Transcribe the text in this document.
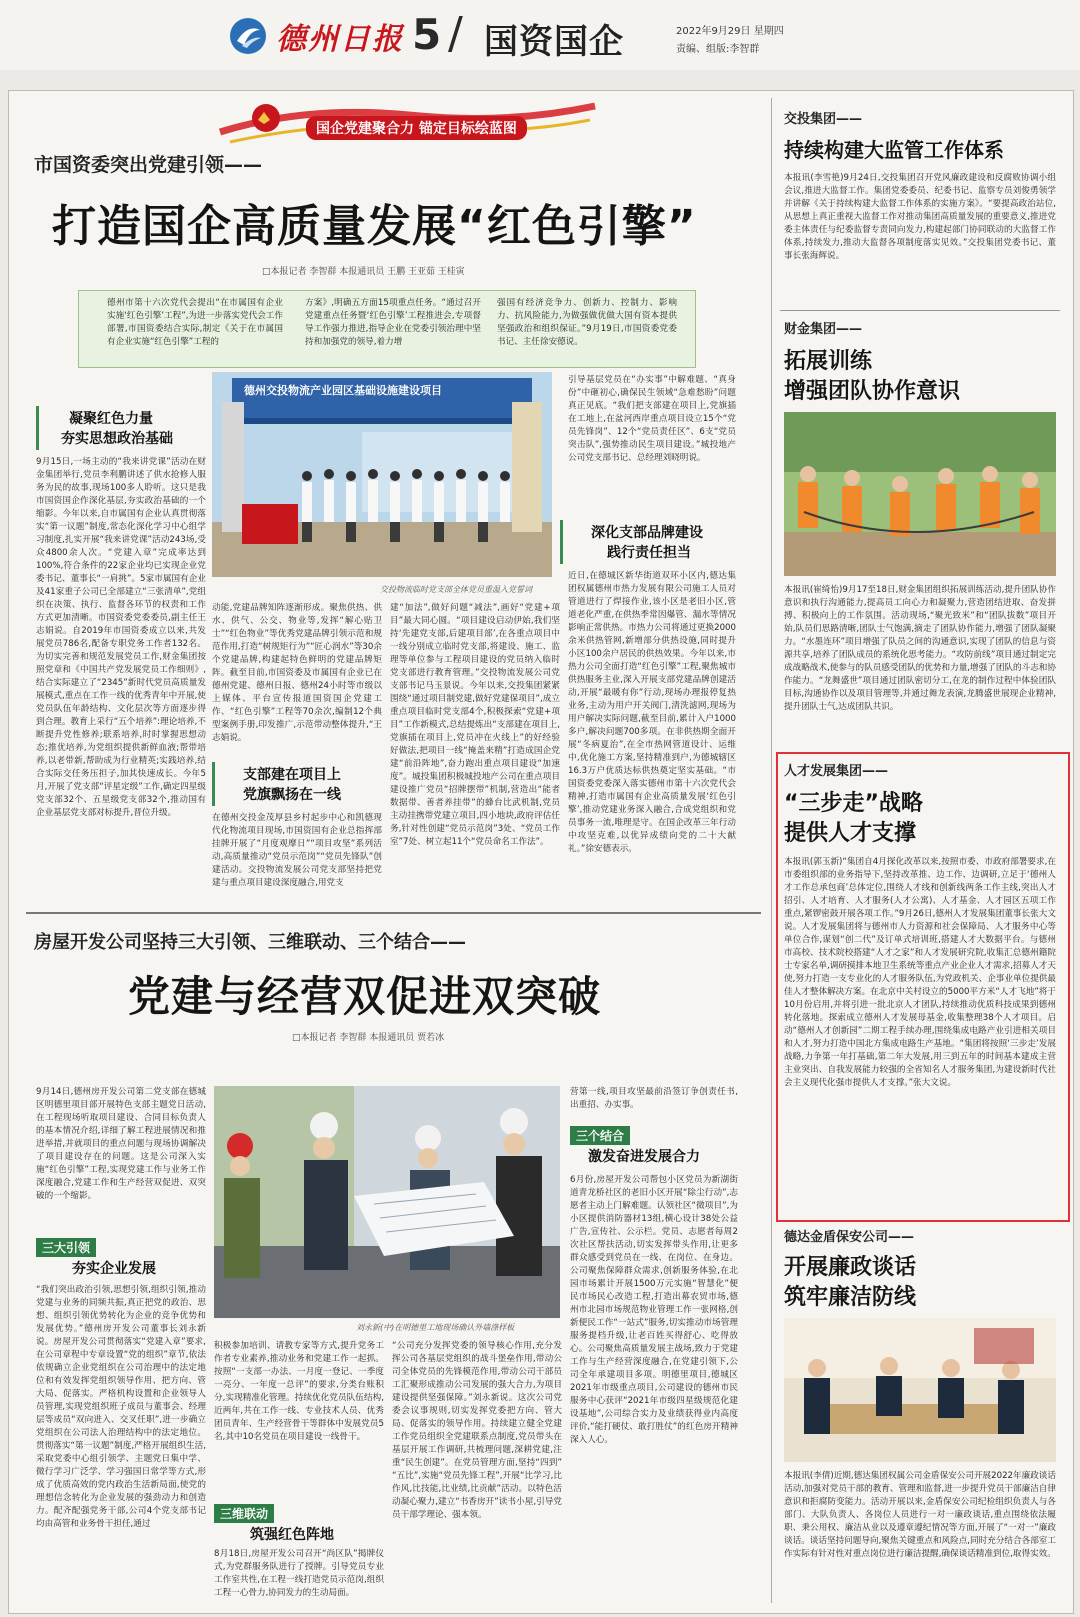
德州日报 5 / 国资国企	2022年9月29日 星期四
责编、组版:李智群
国企党建聚合力 锚定目标绘蓝图
市国资委突出党建引领——
打造国企高质量发展“红色引擎”
□本报记者 李智群 本报通讯员 王鹏 王亚茹 王桂寅
德州市第十六次党代会提出“在市属国有企业实施‘红色引擎’工程”,为进一步落实党代会工作部署,市国资委结合实际,制定《关于在市属国有企业实施“红色引擎”工程的
方案》,明确五方面15项重点任务。“通过召开党建重点任务暨‘红色引擎’工程推进会,专项督导工作强力推进,指导企业在党委引领治理中坚持和加强党的领导,着力增
强国有经济竞争力、创新力、控制力、影响力、抗风险能力,为做强做优做大国有资本提供坚强政治和组织保证。”9月19日,市国资委党委书记、主任徐安德说。
凝聚红色力量
夯实思想政治基础
9月15日,一场主动的“我来讲党课”活动在财金集团举行,党员李利鹏讲述了供水抢修人服务为民的故事,现场100多人聆听。这只是我市国资国企作深化基层,夯实政治基础的一个缩影。今年以来,自市属国有企业认真贯彻落实“第一议题”制度,常态化深化学习中心组学习制度,扎实开展“我来讲党课”活动243场,受众4800余人次。“党建入章”完成率达到100%,符合条件的22家企业均已实现企业党委书记、董事长“一肩挑”。5家市属国有企业及41家重子公司已全部建立“三张清单”,党组织在决策、执行、监督各环节的权责和工作方式更加清晰。市国资委党委委员,副主任王志娟说。自2019年市国资委成立以来,共发展党员786名,配备专职党务工作者132名。为切实完善和规范发展党员工作,财金集团按照党章和《中国共产党发展党员工作细则》,结合实际建立了“2345”新时代党员高质量发展模式,重点在工作一线的优秀青年中开展,使党员队伍年龄结构、文化层次等方面逐步得到合理。教育上采行“五个培养”:理论培养,不断提升党性修养;联系培养,时时掌握思想动态;推优培养,为党组织提供新鲜血液;帮带培养,以老带新,帮助成为行业精英;实践培养,结合实际交任务压担子,加其快速成长。今年5月,开展了党支部“评星定级”工作,确定四星级党支部32个、五星级党支部32个,推动国有企业基层党支部对标提升,晋位升级。
德州交投物流产业园区基础设施建设项目
交投物流临时党支部全体党员重温入党誓词
深化支部品牌建设
践行责任担当
引导基层党员在“办实事”中解难题、“真身份”中砸初心,确保民生领域“急难愁盼”问题真正见底。“我们把支部建在项目上,党旗插在工地上,在盆河西岸重点项目设立15个“党员先锋岗”、12个“党员责任区”、6支“党员突击队”,强势推动民生项目建设。”城投地产公司党支部书记、总经理刘晓明说。
近日,在德城区新华街道双环小区内,德达集团权属德州市热力发展有限公司施工人员对管道进行了焊接作业,该小区是老旧小区,管道老化严重,在供热季常因爆管、漏水等情况影响正常供热。市热力公司将通过更换2000余米供热管网,新增部分供热设施,同时提升小区100余户居民的供热效果。今年以来,市热力公司全面打造“红色引擎”工程,聚焦城市供热服务主业,深入开展支部党建品牌创建活动,开展“最暖有你”行动,现场办理报停复热业务,主动为用户开关阀门,清洗滤网,现场为用户解决实际问题,截至目前,累计入户1000多户,解决问题700多项。在非供热期全面开展“冬病夏治”,在全市热网管道设计、运维中,优化施工方案,坚持精准到户,为德城辖区16.3万户优质达标供热奠定坚实基础。“市国资委党委深入落实德州市第十六次党代会精神,打造市属国有企业高质量发展‘红色引擎’,推动党建业务深入融合,合成党组织和党员事务一流,唯理是守。在国企改革三年行动中攻坚克难,以优异成绩向党的二十大献礼。”徐安德表示。
动能,党建品牌知阵逐渐形成。聚焦供热、供水、供气、公交、物业等,发挥“解心贴卫士”“红色物业”等优秀党建品牌引领示范和规范作用,打造“树规矩行为”“匠心润水”等30余个党建品牌,构建起特色鲜明的党建品牌矩阵。截至目前,市国资委及市属国有企业已在德州党建、德州日报、德州24小时等市级以上媒体、平台宣传报道国资国企党建工作、“红色引擎”工程等70余次,编制12个典型案例手册,印发推广,示范带动整体提升,“王志娟说。
支部建在项目上
党旗飘扬在一线
在德州交投金茂厚县乡村起步中心和凯德现代化物流项目现场,市国资国有企业总指挥部挂牌开展了“月度观摩日”“项目攻坚”系列活动,高质量推动“党员示范岗”“党员先锋队”创建活动。交投物流发展公司党支部坚持把党建与重点项目建设深度融合,用党支
建“加法”,做好问题“减法”,画好“党建+项目”最大同心圆。“项目建设启动伊始,我们坚持‘先建党支部,后建项目部’,在各重点项目中一线分别成立临时党支部,将建设、施工、监理等单位参与工程项目建设的党员纳入临时党支部进行教育管理。”交投物流发展公司党支部书记马玉景说。今年以来,交投集团紧紧围绕“通过项目制党建,做好党建保项目”,成立重点项目临时党支部4个,积极探索“党建+项目”工作新模式,总结提炼出“支部建在项目上,党旗插在项目上,党员冲在火线上”的好经验好做法,把项目一线“掩盖来精”打造成国企党建“前沿阵地”,奋力跑出重点项目建设“加速度”。城投集团积极城投地产公司在重点项目建设推广党员“招牌摆带”机制,营造出“能者数据带、善者养挂带”的蜂台比武机制,党员主动挂携带党建立项目,四小地块,政府评估任务,针对性创建“党员示范岗”3处、“党员工作室”7处、树立起11个“党员命名工作法”。
房屋开发公司坚持三大引领、三维联动、三个结合——
党建与经营双促进双突破
□本报记者 李智群 本报通讯员 贾若冰
9月14日,德州房开发公司第二党支部在德城区明德里项目部开展特色支部主题党日活动,在工程现场听取项目建设、合同目标负责人的基本情况介绍,详细了解工程进展情况和推进举措,并就项目的重点问题与现场协调解决了项目建设存在的问题。这是公司深入实施“红色引擎”工程,实现党建工作与业务工作深度融合,党建工作和生产经营双促进、双突破的一个缩影。
三大引领
夯实企业发展
“我们突出政治引领,思想引领,组织引领,推动党建与业务的同频共振,真正把党的政治、思想、组织引领优势转化为企业的竞争优势和发展优势。”德州房开发公司董事长刘永新说。房屋开发公司贯彻落实“党建入章”要求,在公司章程中专章设置“党的组织”章节,依法依规确立企业党组织在公司治理中的法定地位和有效发挥党组织领导作用、把方向、管大局、促落实。严格机构设置和企业领导人员管理,实现党组织班子成员与董事会、经理层等成员“双向进入、交叉任职”,进一步确立党组织在公司法人治理结构中的法定地位。贯彻落实“第一议题”制度,严格开展组织生活,采取党委中心组引领学、主题党日集中学、微行学习广泛学、学习强国日常学等方式,形成了优质高效的党内政治生活新局面,使党的理想信念转化为企业发展的强劲动力和创造力。配齐配强党务干部,公司4个党支部书记均由高管和业务骨干担任,通过
刘永新(中)在明德里工地现场确认外墙涤样板
积极参加培训、请教专家等方式,提升党务工作者专业素养,推动业务和党建工作一起抓。按照“一支部一办法、一月度一登记、一季度一亮分、一年度一总评”的要求,分类台账积分,实现精准化管理。持续优化党员队伍结构,近两年,共在工作一线、专业技术人员、优秀团员青年、生产经营骨干等群体中发展党员5名,其中10名党员在项目建设一线骨干。
三维联动
筑强红色阵地
8月18日,房屋开发公司召开“尚区队”揭牌仪式,为党群服务队进行了授牌。引导党员专业工作室共性,在工程一线打造党员示范岗,组织工程一心骨力,协同发力的生动局面。
“公司充分发挥党委的领导核心作用,充分发挥公司各基层党组织的战斗堡垒作用,带动公司全体党员的先锋模范作用,带动公司干部员工汇聚形成推动公司发展的强大合力,为项目建设提供坚强保障。”刘永新说。这次公司党委会议事规则,切实发挥党委把方向、管大局、促落实的领导作用。持续建立健全党建工作党员组织全党建联系点制度,党员带头在基层开展工作调研,共梳理问题,深耕党建,注重“民生创建”。在党员管理方面,坚持“四到” “五比”,实施“党员先锋工程”,开展“比学习,比作风,比技能,比业绩,比贡献”活动。以特色活动凝心聚力,建立“书香房开”读书小屋,引导党员干部学理论、强本领。
营第一线,项目攻坚最前沿签订争创责任书,出重招、办实事。
三个结合
激发奋进发展合力
6月份,房屋开发公司帮包小区党员为新湖街道青龙桥社区的老旧小区开展“除尘行动”,志愿者主动上门解难题。认领社区“微项目”,为小区提供消防器材13组,横心设计38处公益广告,宣传社、公示栏。党员、志愿者每周2次社区帮扶活动,切实发挥带头作用,让更多群众感受到党员在一线、在岗位、在身边。公司聚焦保障群众需求,创新服务体验,在北园市场累计开展1500万元实施“智慧化”便民市场民心改造工程,打造出幕农贸市场,德州市北园市场规范物业管理工作一张网格,创新便民工作“一站式”服务,切实推动市场管理服务提档升级,让老百姓买得舒心、吃得放心。公司聚焦高质量发展主战场,致力于党建工作与生产经营深度融合,在党建引领下,公司全年承建项目多项。明德里项目,德城区2021年市级重点项目,公司建设的德州市民服务中心获评“2021年市级四星级规范化建设基地”,公司综合实力及业绩获得业内高度评价,“能打硬仗、敢打胜仗”的红色房开精神深入人心。
交投集团——
持续构建大监管工作体系
本报讯(李雪艳)9月24日,交投集团召开党风廉政建设和反腐败协调小组会议,推进大监督工作。集团党委委员、纪委书记、监察专员刘俊勇领学并讲解《关于持续构建大监督工作体系的实施方案》。“要提高政治站位,从思想上真正重视大监督工作对推动集团高质量发展的重要意义,推进党委主体责任与纪委监督专责同向发力,构建起部门协同联动的大监督工作体系,持续发力,推动大监督各项制度落实见效。”交投集团党委书记、董事长张海辉说。
财金集团——
拓展训练
增强团队协作意识
本报讯(崔绮怡)9月17至18日,财金集团组织拓展训练活动,提升团队协作意识和执行沟通能力,提高员工向心力和凝聚力,营造团结进取、奋发拼搏、积极向上的工作氛围。活动现场,“聚光致米”和“团队拔数”项目开始,队员们思路清晰,团队士气饱满,摘走了团队协作能力,增强了团队凝聚力。“水墨连环”项目增强了队员之间的沟通意识,实现了团队的信息与资源共享,培养了团队成员的系统化思考能力。“攻防前线”项目通过制定完成战略战术,使参与的队员感受团队的优势和力量,增强了团队的斗志和协作能力。“龙舞盛世”项目通过团队密切分工,在龙的制作过程中体验团队目标,沟通协作以及项目管理等,并通过舞龙表演,龙腾盛世展现企业精神,提升团队士气,达成团队共识。
人才发展集团——
“三步走”战略
提供人才支撑
本报讯(郭玉新)“集团自4月探化改革以来,按照市委、市政府部署要求,在市委组织部的业务指导下,坚持改革推、边工作、边调研,立足于‘德州人才工作总承包商’总体定位,围绕人才线和创新线两条工作主线,突出人才招引、人才培育、人才服务(人才公寓)、人才基金、人才园区五项工作重点,紧锣密鼓开展各项工作。”9月26日,德州人才发展集团董事长张大文说。人才发展集团将与德州市人力资源和社会保障局、人才服务中心等单位合作,谋划“创二代”及订单式培训班,搭建人才大数据平台。与德州市高校、技术院校搭建“人才之家”和人才发展研究院,收集汇总德州籍院士专家名单,调研摸排本地卫生系统等重点产业企业人才需求,招募人才天使,努力打造一支专业化的人才服务队伍,为党政机关、企事业单位提供最佳人才整体解决方案。在北京中关村设立的5000平方米“人才飞地”将于10月份启用,并将引进一批北京人才团队,持续推动优质科技成果到德州转化落地。探索成立德州人才发展母基金,收集整理38个人才项目。启动“德州人才创新园”二期工程手续办理,围绕集成电路产业引进相关项目和人才,努力打造中国北方集成电路生产基地。“集团将按照‘三步走’发展战略,力争第一年打基础,第二年大发展,用三到五年的时间基本建成主营主业突出、自我发展能力较强的全省知名人才服务集团,为建设新时代社会主义现代化强市提供人才支撑。”张大文说。
德达金盾保安公司——
开展廉政谈话
筑牢廉洁防线
本报讯(李倩)近期,德达集团权属公司金盾保安公司开展2022年廉政谈话活动,加强对党员干部的教育、管理和监督,进一步提升党员干部廉洁自律意识和拒腐防变能力。活动开展以来,金盾保安公司纪检组织负责人与各部门、大队负责人、各岗位人员进行一对一廉政谈话,重点围绕依法履职、秉公用权、廉洁从业以及遵章遵纪情况等方面,开展了“一对一”廉政谈话。谈话坚持问题导向,聚焦关键重点和风险点,同时充分结合各部室工作实际有针对性对重点岗位进行廉洁提醒,确保谈话精准到位,取得实效。
